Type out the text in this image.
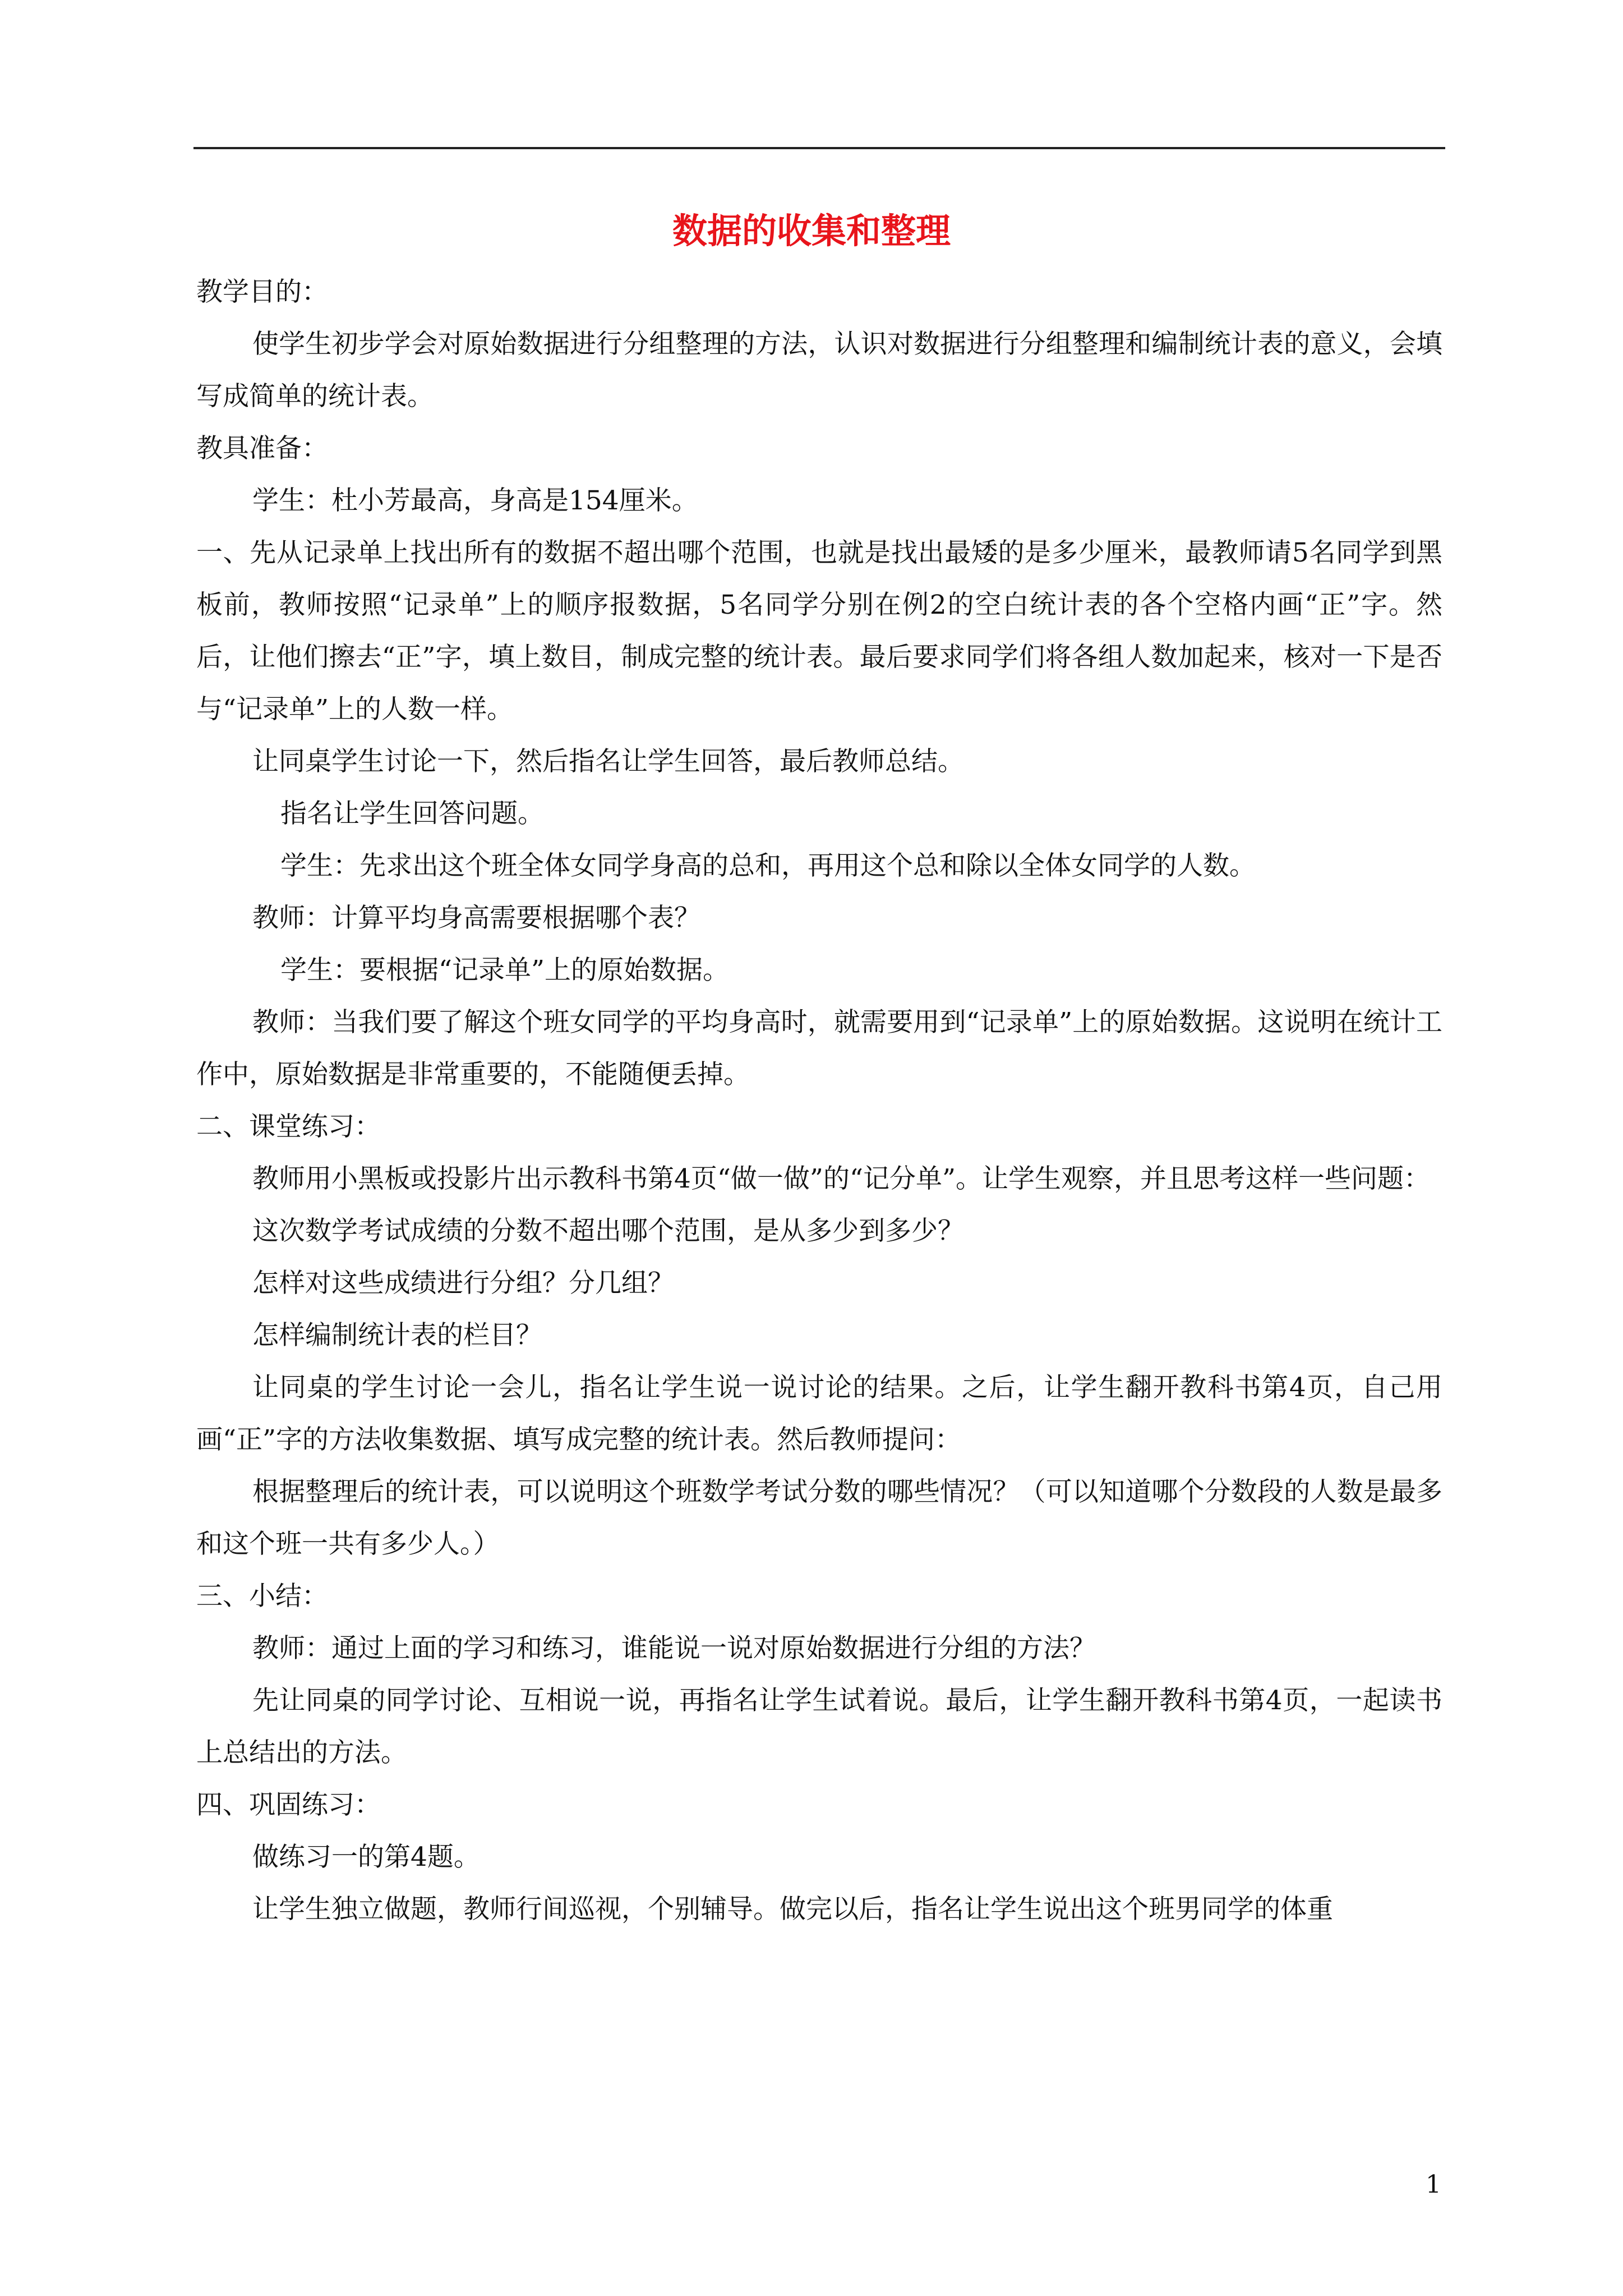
数据的收集和整理

教学目的：

使学生初步学会对原始数据进行分组整理的方法，认识对数据进行分组整理和编制统计表的意义，会填写成简单的统计表。

教具准备：

学生：杜小芳最高，身高是154厘米。

一、先从记录单上找出所有的数据不超出哪个范围，也就是找出最矮的是多少厘米，最教师请5名同学到黑板前，教师按照“记录单”上的顺序报数据，5名同学分别在例2的空白统计表的各个空格内画“正”字。然后，让他们擦去“正”字，填上数目，制成完整的统计表。最后要求同学们将各组人数加起来，核对一下是否与“记录单”上的人数一样。

让同桌学生讨论一下，然后指名让学生回答，最后教师总结。

指名让学生回答问题。

学生：先求出这个班全体女同学身高的总和，再用这个总和除以全体女同学的人数。

教师：计算平均身高需要根据哪个表？

学生：要根据“记录单”上的原始数据。

教师：当我们要了解这个班女同学的平均身高时，就需要用到“记录单”上的原始数据。这说明在统计工作中，原始数据是非常重要的，不能随便丢掉。

二、课堂练习：

教师用小黑板或投影片出示教科书第4页“做一做”的“记分单”。让学生观察，并且思考这样一些问题：

这次数学考试成绩的分数不超出哪个范围，是从多少到多少？

怎样对这些成绩进行分组？分几组？

怎样编制统计表的栏目？

让同桌的学生讨论一会儿，指名让学生说一说讨论的结果。之后，让学生翻开教科书第4页，自己用画“正”字的方法收集数据、填写成完整的统计表。然后教师提问：

根据整理后的统计表，可以说明这个班数学考试分数的哪些情况？（可以知道哪个分数段的人数是最多和这个班一共有多少人。）

三、小结：

教师：通过上面的学习和练习，谁能说一说对原始数据进行分组的方法？

先让同桌的同学讨论、互相说一说，再指名让学生试着说。最后，让学生翻开教科书第4页，一起读书上总结出的方法。

四、巩固练习：

做练习一的第4题。

让学生独立做题，教师行间巡视，个别辅导。做完以后，指名让学生说出这个班男同学的体重

1
